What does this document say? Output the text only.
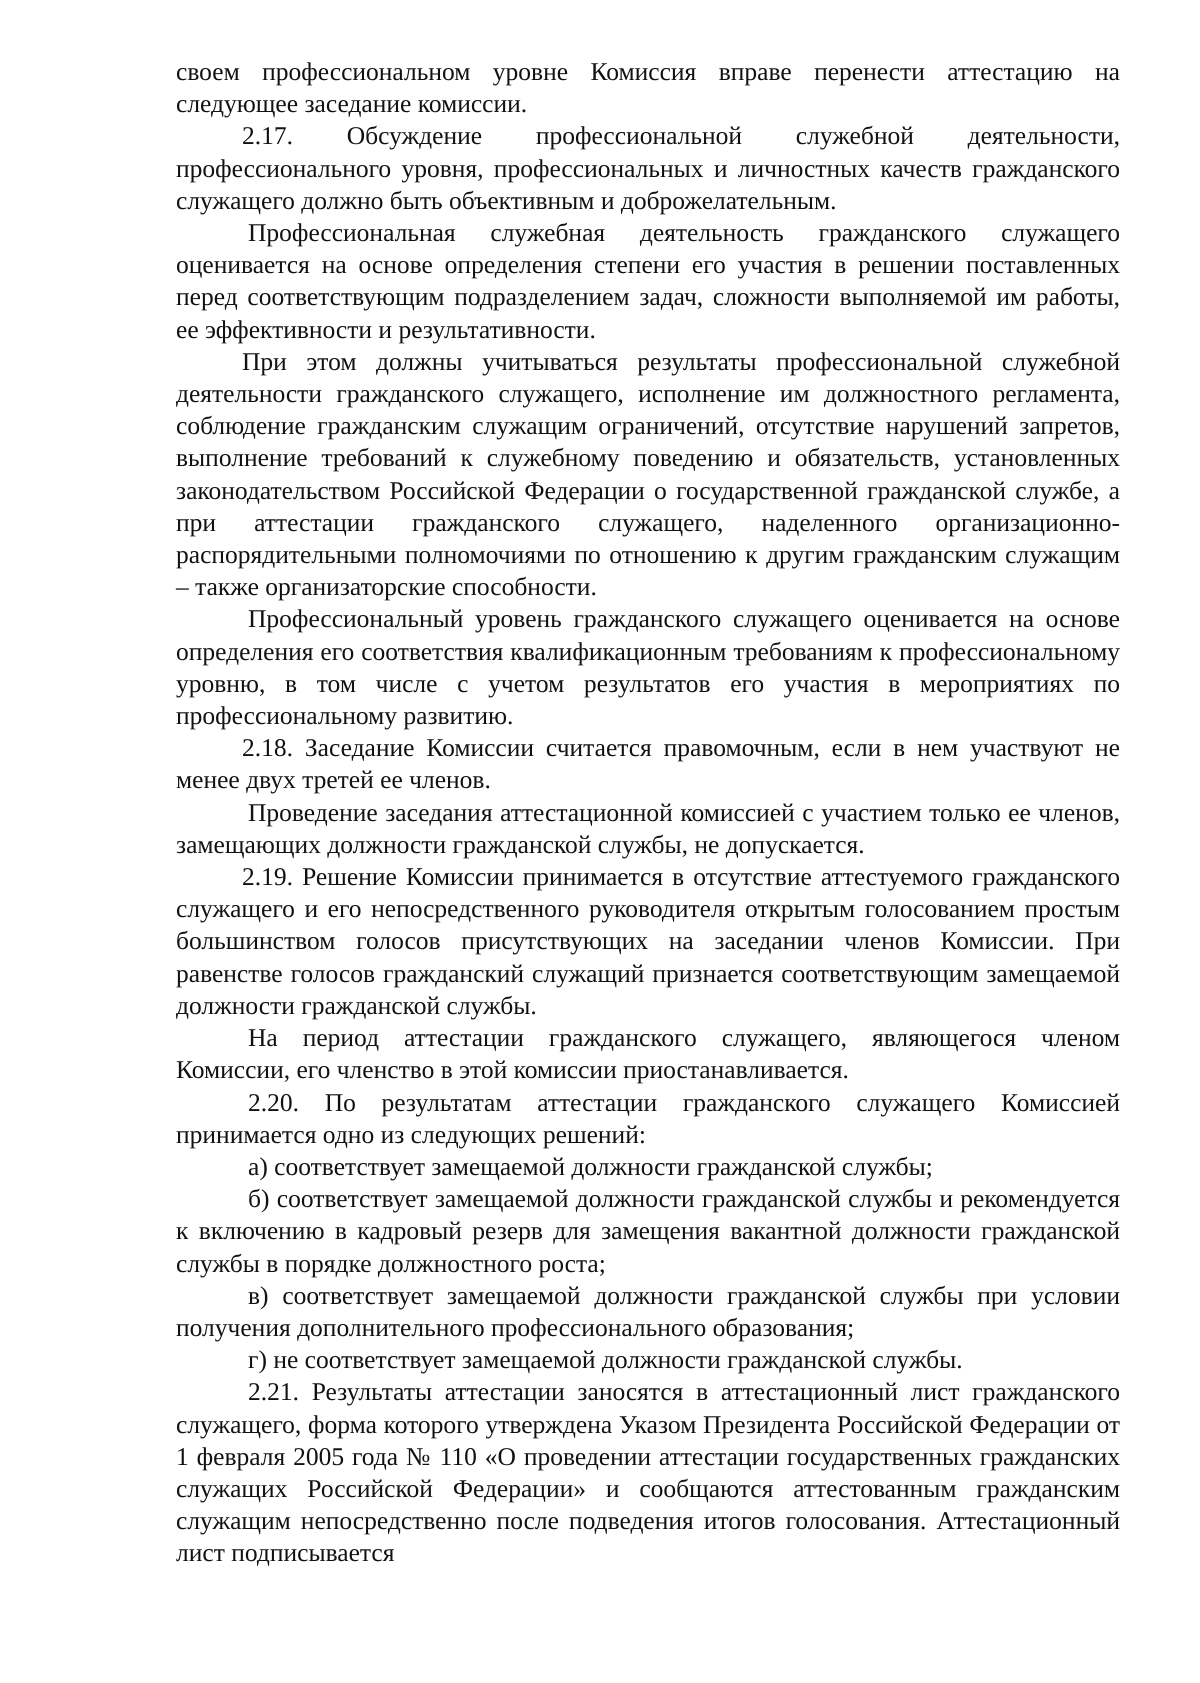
своем профессиональном уровне Комиссия вправе перенести аттестацию на следующее заседание комиссии.

2.17. Обсуждение профессиональной служебной деятельности, профессионального уровня, профессиональных и личностных качеств гражданского служащего должно быть объективным и доброжелательным.

Профессиональная служебная деятельность гражданского служащего оценивается на основе определения степени его участия в решении поставленных перед соответствующим подразделением задач, сложности выполняемой им работы, ее эффективности и результативности.

При этом должны учитываться результаты профессиональной служебной деятельности гражданского служащего, исполнение им должностного регламента, соблюдение гражданским служащим ограничений, отсутствие нарушений запретов, выполнение требований к служебному поведению и обязательств, установленных законодательством Российской Федерации о государственной гражданской службе, а при аттестации гражданского служащего, наделенного организационно-распорядительными полномочиями по отношению к другим гражданским служащим – также организаторские способности.

Профессиональный уровень гражданского служащего оценивается на основе определения его соответствия квалификационным требованиям к профессиональному уровню, в том числе с учетом результатов его участия в мероприятиях по профессиональному развитию.

2.18. Заседание Комиссии считается правомочным, если в нем участвуют не менее двух третей ее членов.

Проведение заседания аттестационной комиссией с участием только ее членов, замещающих должности гражданской службы, не допускается.

2.19. Решение Комиссии принимается в отсутствие аттестуемого гражданского служащего и его непосредственного руководителя открытым голосованием простым большинством голосов присутствующих на заседании членов Комиссии. При равенстве голосов гражданский служащий признается соответствующим замещаемой должности гражданской службы.

На период аттестации гражданского служащего, являющегося членом Комиссии, его членство в этой комиссии приостанавливается.

2.20. По результатам аттестации гражданского служащего Комиссией принимается одно из следующих решений:

а) соответствует замещаемой должности гражданской службы;

б) соответствует замещаемой должности гражданской службы и рекомендуется к включению в кадровый резерв для замещения вакантной должности гражданской службы в порядке должностного роста;

в) соответствует замещаемой должности гражданской службы при условии получения дополнительного профессионального образования;

г) не соответствует замещаемой должности гражданской службы.

2.21. Результаты аттестации заносятся в аттестационный лист гражданского служащего, форма которого утверждена Указом Президента Российской Федерации от 1 февраля 2005 года № 110 «О проведении аттестации государственных гражданских служащих Российской Федерации» и сообщаются аттестованным гражданским служащим непосредственно после подведения итогов голосования. Аттестационный лист подписывается
